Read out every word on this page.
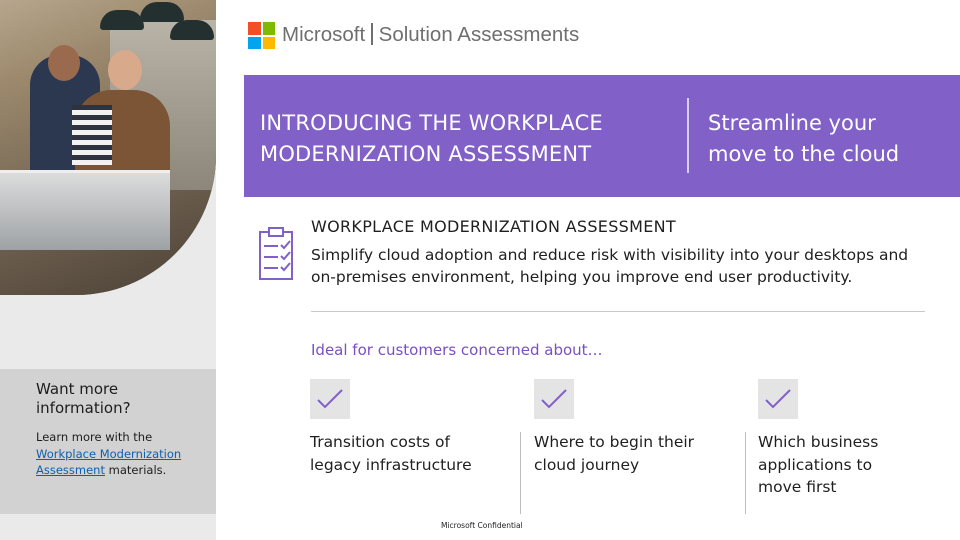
Want more information?
Learn more with the Workplace Modernization Assessment materials.
Microsoft Solution Assessments
INTRODUCING THE WORKPLACE
MODERNIZATION ASSESSMENT
Streamline your
move to the cloud
WORKPLACE MODERNIZATION ASSESSMENT
Simplify cloud adoption and reduce risk with visibility into your desktops and on-premises environment, helping you improve end user productivity.
Ideal for customers concerned about…
Transition costs of
legacy infrastructure
Where to begin their
cloud journey
Which business
applications to
move first
Microsoft Confidential
